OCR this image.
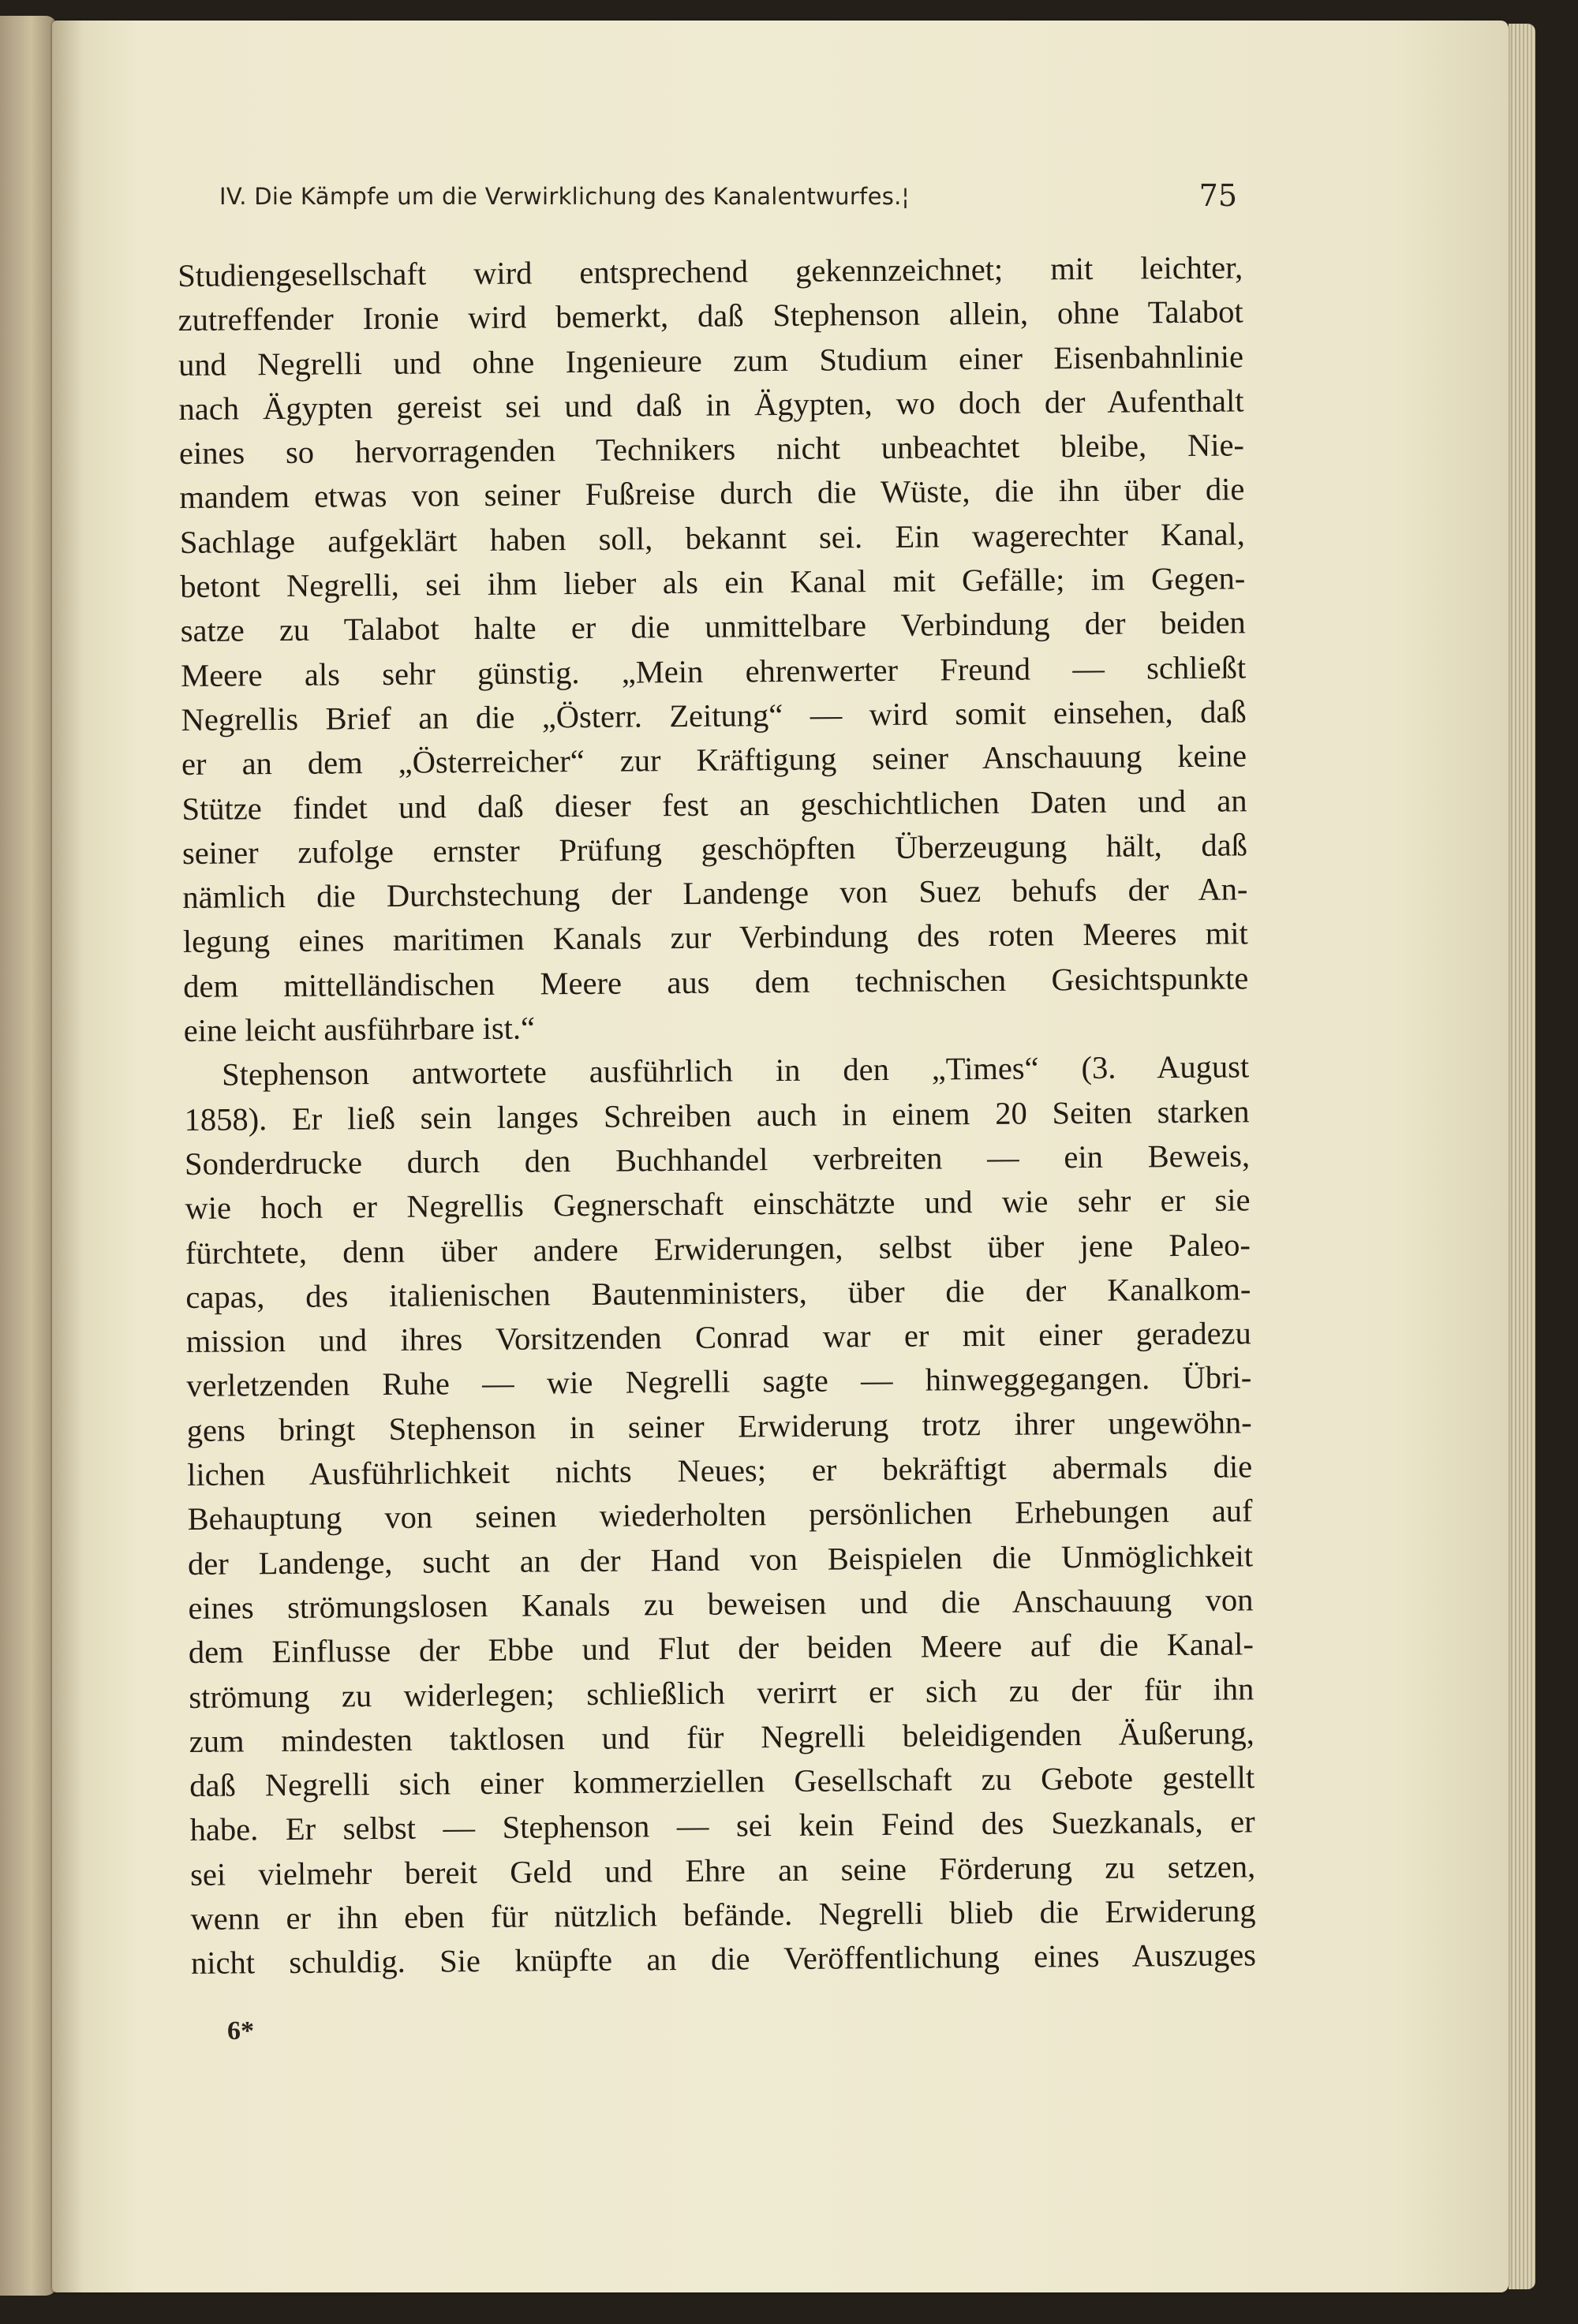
IV. Die Kämpfe um die Verwirklichung des Kanalentwurfes.¦	75
Studiengesellschaft wird entsprechend gekennzeichnet; mit leichter,
zutreffender Ironie wird bemerkt, daß Stephenson allein, ohne Talabot
und Negrelli und ohne Ingenieure zum Studium einer Eisenbahnlinie
nach Ägypten gereist sei und daß in Ägypten, wo doch der Aufenthalt
eines so hervorragenden Technikers nicht unbeachtet bleibe, Nie-
mandem etwas von seiner Fußreise durch die Wüste, die ihn über die
Sachlage aufgeklärt haben soll, bekannt sei. Ein wagerechter Kanal,
betont Negrelli, sei ihm lieber als ein Kanal mit Gefälle; im Gegen-
satze zu Talabot halte er die unmittelbare Verbindung der beiden
Meere als sehr günstig. „Mein ehrenwerter Freund — schließt
Negrellis Brief an die „Österr. Zeitung“ — wird somit einsehen, daß
er an dem „Österreicher“ zur Kräftigung seiner Anschauung keine
Stütze findet und daß dieser fest an geschichtlichen Daten und an
seiner zufolge ernster Prüfung geschöpften Überzeugung hält, daß
nämlich die Durchstechung der Landenge von Suez behufs der An-
legung eines maritimen Kanals zur Verbindung des roten Meeres mit
dem mittelländischen Meere aus dem technischen Gesichtspunkte
eine leicht ausführbare ist.“
Stephenson antwortete ausführlich in den „Times“ (3. August
1858). Er ließ sein langes Schreiben auch in einem 20 Seiten starken
Sonderdrucke durch den Buchhandel verbreiten — ein Beweis,
wie hoch er Negrellis Gegnerschaft einschätzte und wie sehr er sie
fürchtete, denn über andere Erwiderungen, selbst über jene Paleo-
capas, des italienischen Bautenministers, über die der Kanalkom-
mission und ihres Vorsitzenden Conrad war er mit einer geradezu
verletzenden Ruhe — wie Negrelli sagte — hinweggegangen. Übri-
gens bringt Stephenson in seiner Erwiderung trotz ihrer ungewöhn-
lichen Ausführlichkeit nichts Neues; er bekräftigt abermals die
Behauptung von seinen wiederholten persönlichen Erhebungen auf
der Landenge, sucht an der Hand von Beispielen die Unmöglichkeit
eines strömungslosen Kanals zu beweisen und die Anschauung von
dem Einflusse der Ebbe und Flut der beiden Meere auf die Kanal-
strömung zu widerlegen; schließlich verirrt er sich zu der für ihn
zum mindesten taktlosen und für Negrelli beleidigenden Äußerung,
daß Negrelli sich einer kommerziellen Gesellschaft zu Gebote gestellt
habe. Er selbst — Stephenson — sei kein Feind des Suezkanals, er
sei vielmehr bereit Geld und Ehre an seine Förderung zu setzen,
wenn er ihn eben für nützlich befände. Negrelli blieb die Erwiderung
nicht schuldig. Sie knüpfte an die Veröffentlichung eines Auszuges
6*
